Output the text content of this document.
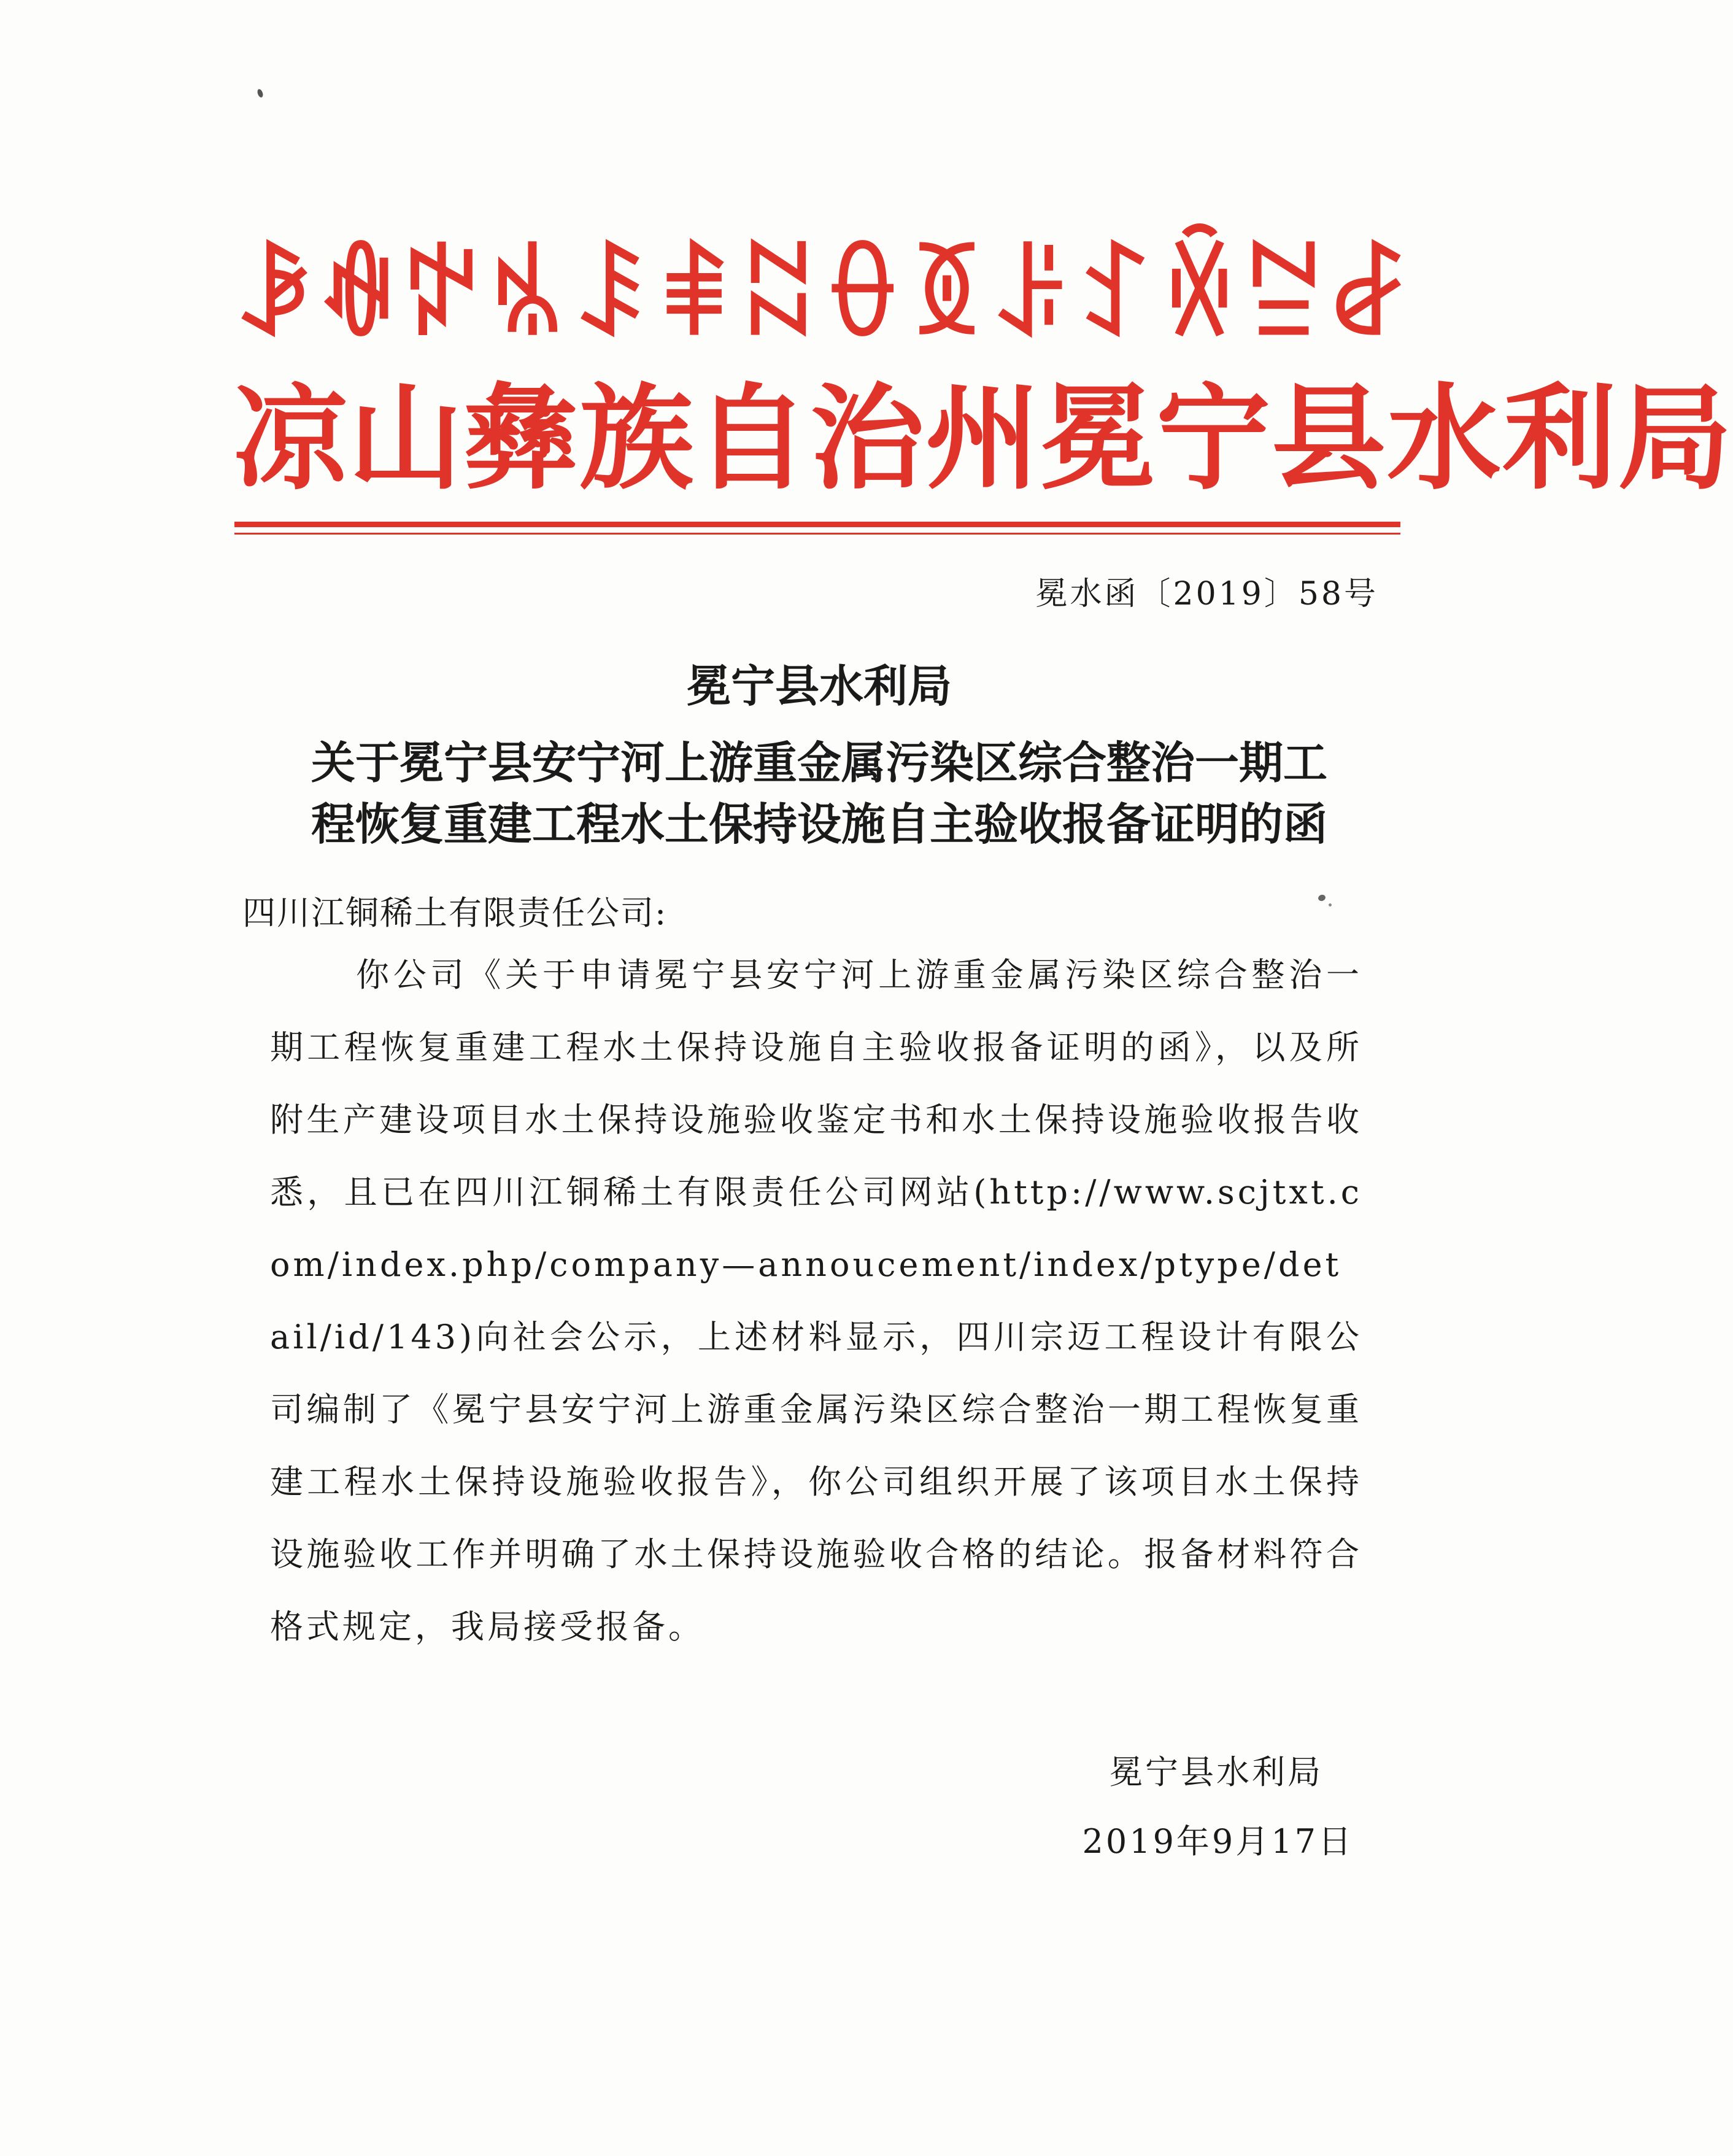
ꆃꊿꉢꁱꄩꑌꉆꂷꅉꌠꉘꏽꊂꆀ
凉山彝族自治州冕宁县水利局
冕水函〔2019〕58号
冕宁县水利局
关于冕宁县安宁河上游重金属污染区综合整治一期工
程恢复重建工程水土保持设施自主验收报备证明的函
四川江铜稀土有限责任公司:

你公司《关于申请冕宁县安宁河上游重金属污染区综合整治一期工程恢复重建工程水土保持设施自主验收报备证明的函》，以及所附生产建设项目水土保持设施验收鉴定书和水土保持设施验收报告收悉，且已在四川江铜稀土有限责任公司网站(http://www.scjtxt.com/index.php/company—annoucement/index/ptype/detail/id/143)向社会公示，上述材料显示，四川宗迈工程设计有限公司编制了《冕宁县安宁河上游重金属污染区综合整治一期工程恢复重建工程水土保持设施验收报告》，你公司组织开展了该项目水土保持设施验收工作并明确了水土保持设施验收合格的结论。报备材料符合格式规定，我局接受报备。

冕宁县水利局
2019年9月17日
